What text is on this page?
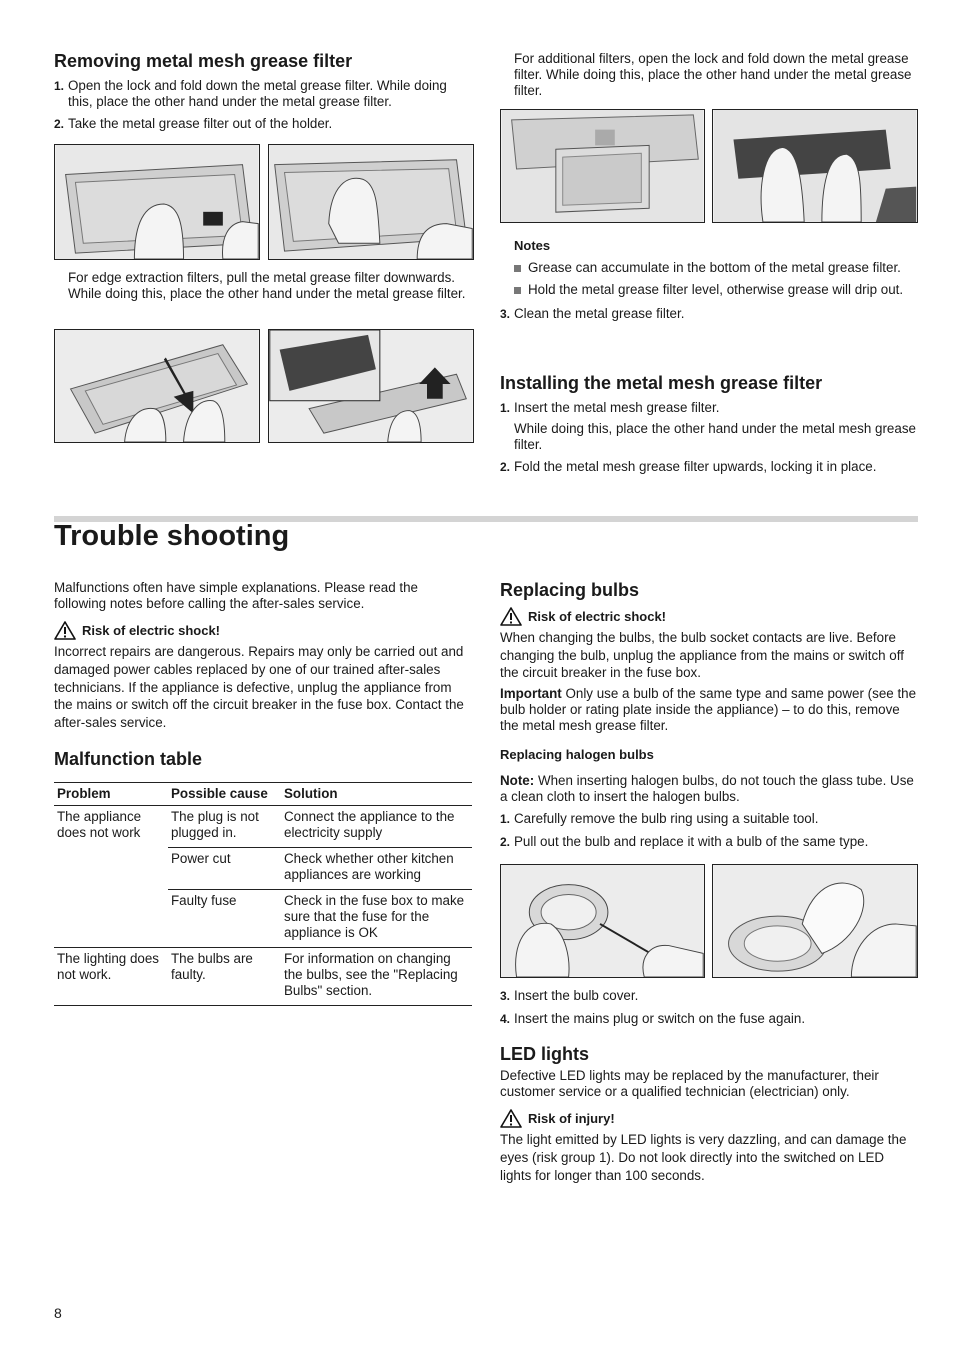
Removing metal mesh grease filter
1. Open the lock and fold down the metal grease filter. While doing this, place the other hand under the metal grease filter.
2. Take the metal grease filter out of the holder.
For edge extraction filters, pull the metal grease filter downwards. While doing this, place the other hand under the metal grease filter.
For additional filters, open the lock and fold down the metal grease filter. While doing this, place the other hand under the metal grease filter.
Notes
Grease can accumulate in the bottom of the metal grease filter.
Hold the metal grease filter level, otherwise grease will drip out.
3. Clean the metal grease filter.
Installing the metal mesh grease filter
1. Insert the metal mesh grease filter.
While doing this, place the other hand under the metal mesh grease filter.
2. Fold the metal mesh grease filter upwards, locking it in place.
Trouble shooting
Malfunctions often have simple explanations. Please read the following notes before calling the after-sales service.
Risk of electric shock!
Incorrect repairs are dangerous. Repairs may only be carried out and damaged power cables replaced by one of our trained after-sales technicians. If the appliance is defective, unplug the appliance from the mains or switch off the circuit breaker in the fuse box. Contact the after-sales service.
Malfunction table
Problem	Possible cause	Solution
The appliance does not work	The plug is not plugged in.	Connect the appliance to the electricity supply
	Power cut	Check whether other kitchen appliances are working
	Faulty fuse	Check in the fuse box to make sure that the fuse for the appliance is OK
The lighting does not work.	The bulbs are faulty.	For information on changing the bulbs, see the "Replacing Bulbs" section.
Replacing bulbs
Risk of electric shock!
When changing the bulbs, the bulb socket contacts are live. Before changing the bulb, unplug the appliance from the mains or switch off the circuit breaker in the fuse box.
Important Only use a bulb of the same type and same power (see the bulb holder or rating plate inside the appliance) – to do this, remove the metal mesh grease filter.
Replacing halogen bulbs
Note: When inserting halogen bulbs, do not touch the glass tube. Use a clean cloth to insert the halogen bulbs.
1. Carefully remove the bulb ring using a suitable tool.
2. Pull out the bulb and replace it with a bulb of the same type.
3. Insert the bulb cover.
4. Insert the mains plug or switch on the fuse again.
LED lights
Defective LED lights may be replaced by the manufacturer, their customer service or a qualified technician (electrician) only.
Risk of injury!
The light emitted by LED lights is very dazzling, and can damage the eyes (risk group 1). Do not look directly into the switched on LED lights for longer than 100 seconds.
8
